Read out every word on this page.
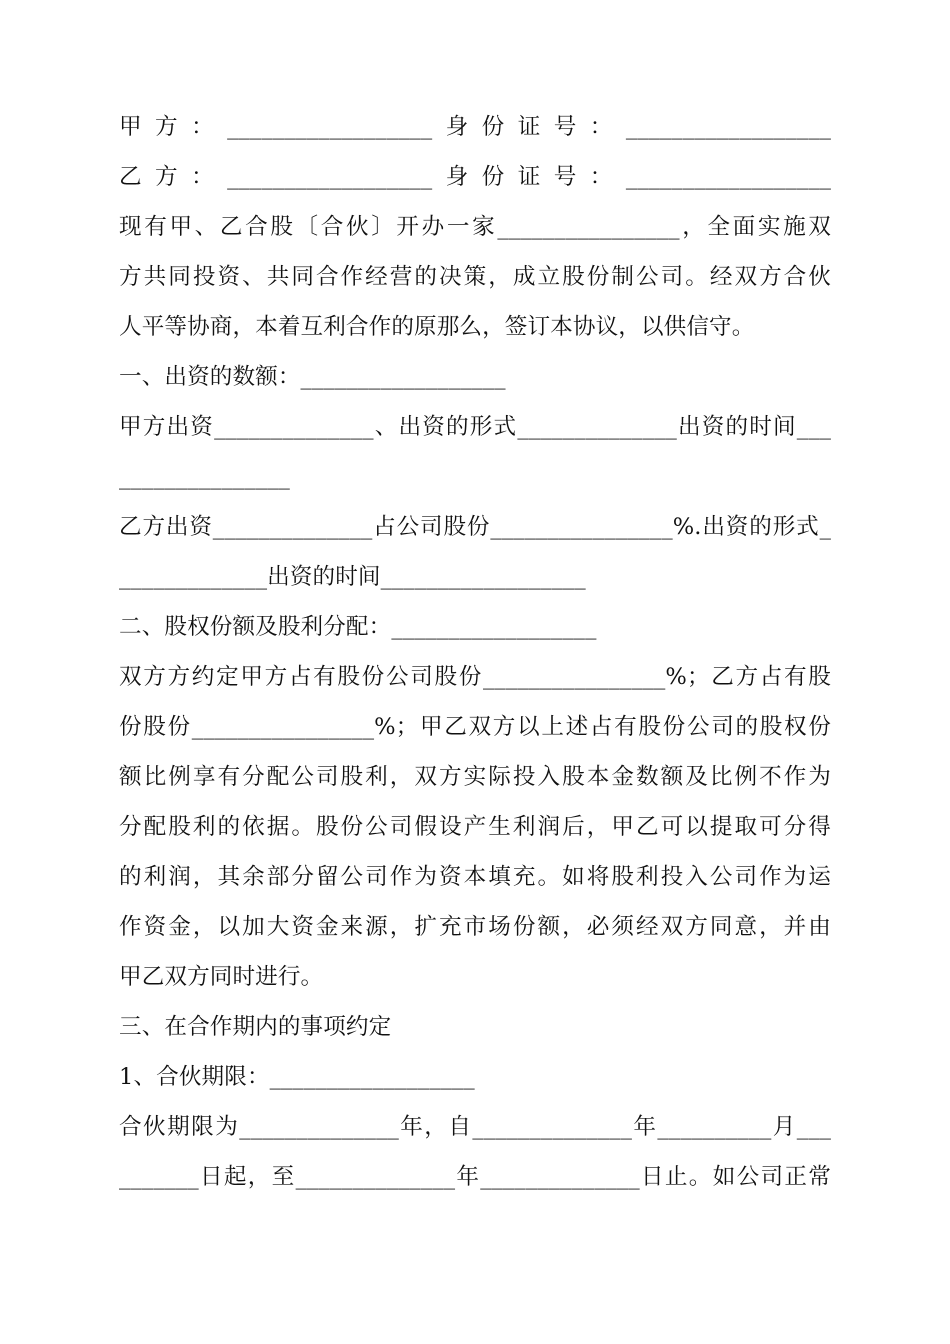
甲方：__________________身份证号：__________________
乙方：__________________身份证号：__________________
现有甲、乙合股〔合伙〕开办一家________________，全面实施双
方共同投资、共同合作经营的决策，成立股份制公司。经双方合伙
人平等协商，本着互利合作的原那么，签订本协议，以供信守。
一、出资的数额：__________________
甲方出资______________、出资的形式______________出资的时间___
_______________
乙方出资______________占公司股份________________%.出资的形式_
_____________出资的时间__________________
二、股权份额及股利分配：__________________
双方方约定甲方占有股份公司股份________________%；乙方占有股
份股份________________%；甲乙双方以上述占有股份公司的股权份
额比例享有分配公司股利，双方实际投入股本金数额及比例不作为
分配股利的依据。股份公司假设产生利润后，甲乙可以提取可分得
的利润，其余部分留公司作为资本填充。如将股利投入公司作为运
作资金，以加大资金来源，扩充市场份额，必须经双方同意，并由
甲乙双方同时进行。
三、在合作期内的事项约定
1、合伙期限：__________________
合伙期限为______________年，自______________年__________月___
_______日起，至______________年______________日止。如公司正常
